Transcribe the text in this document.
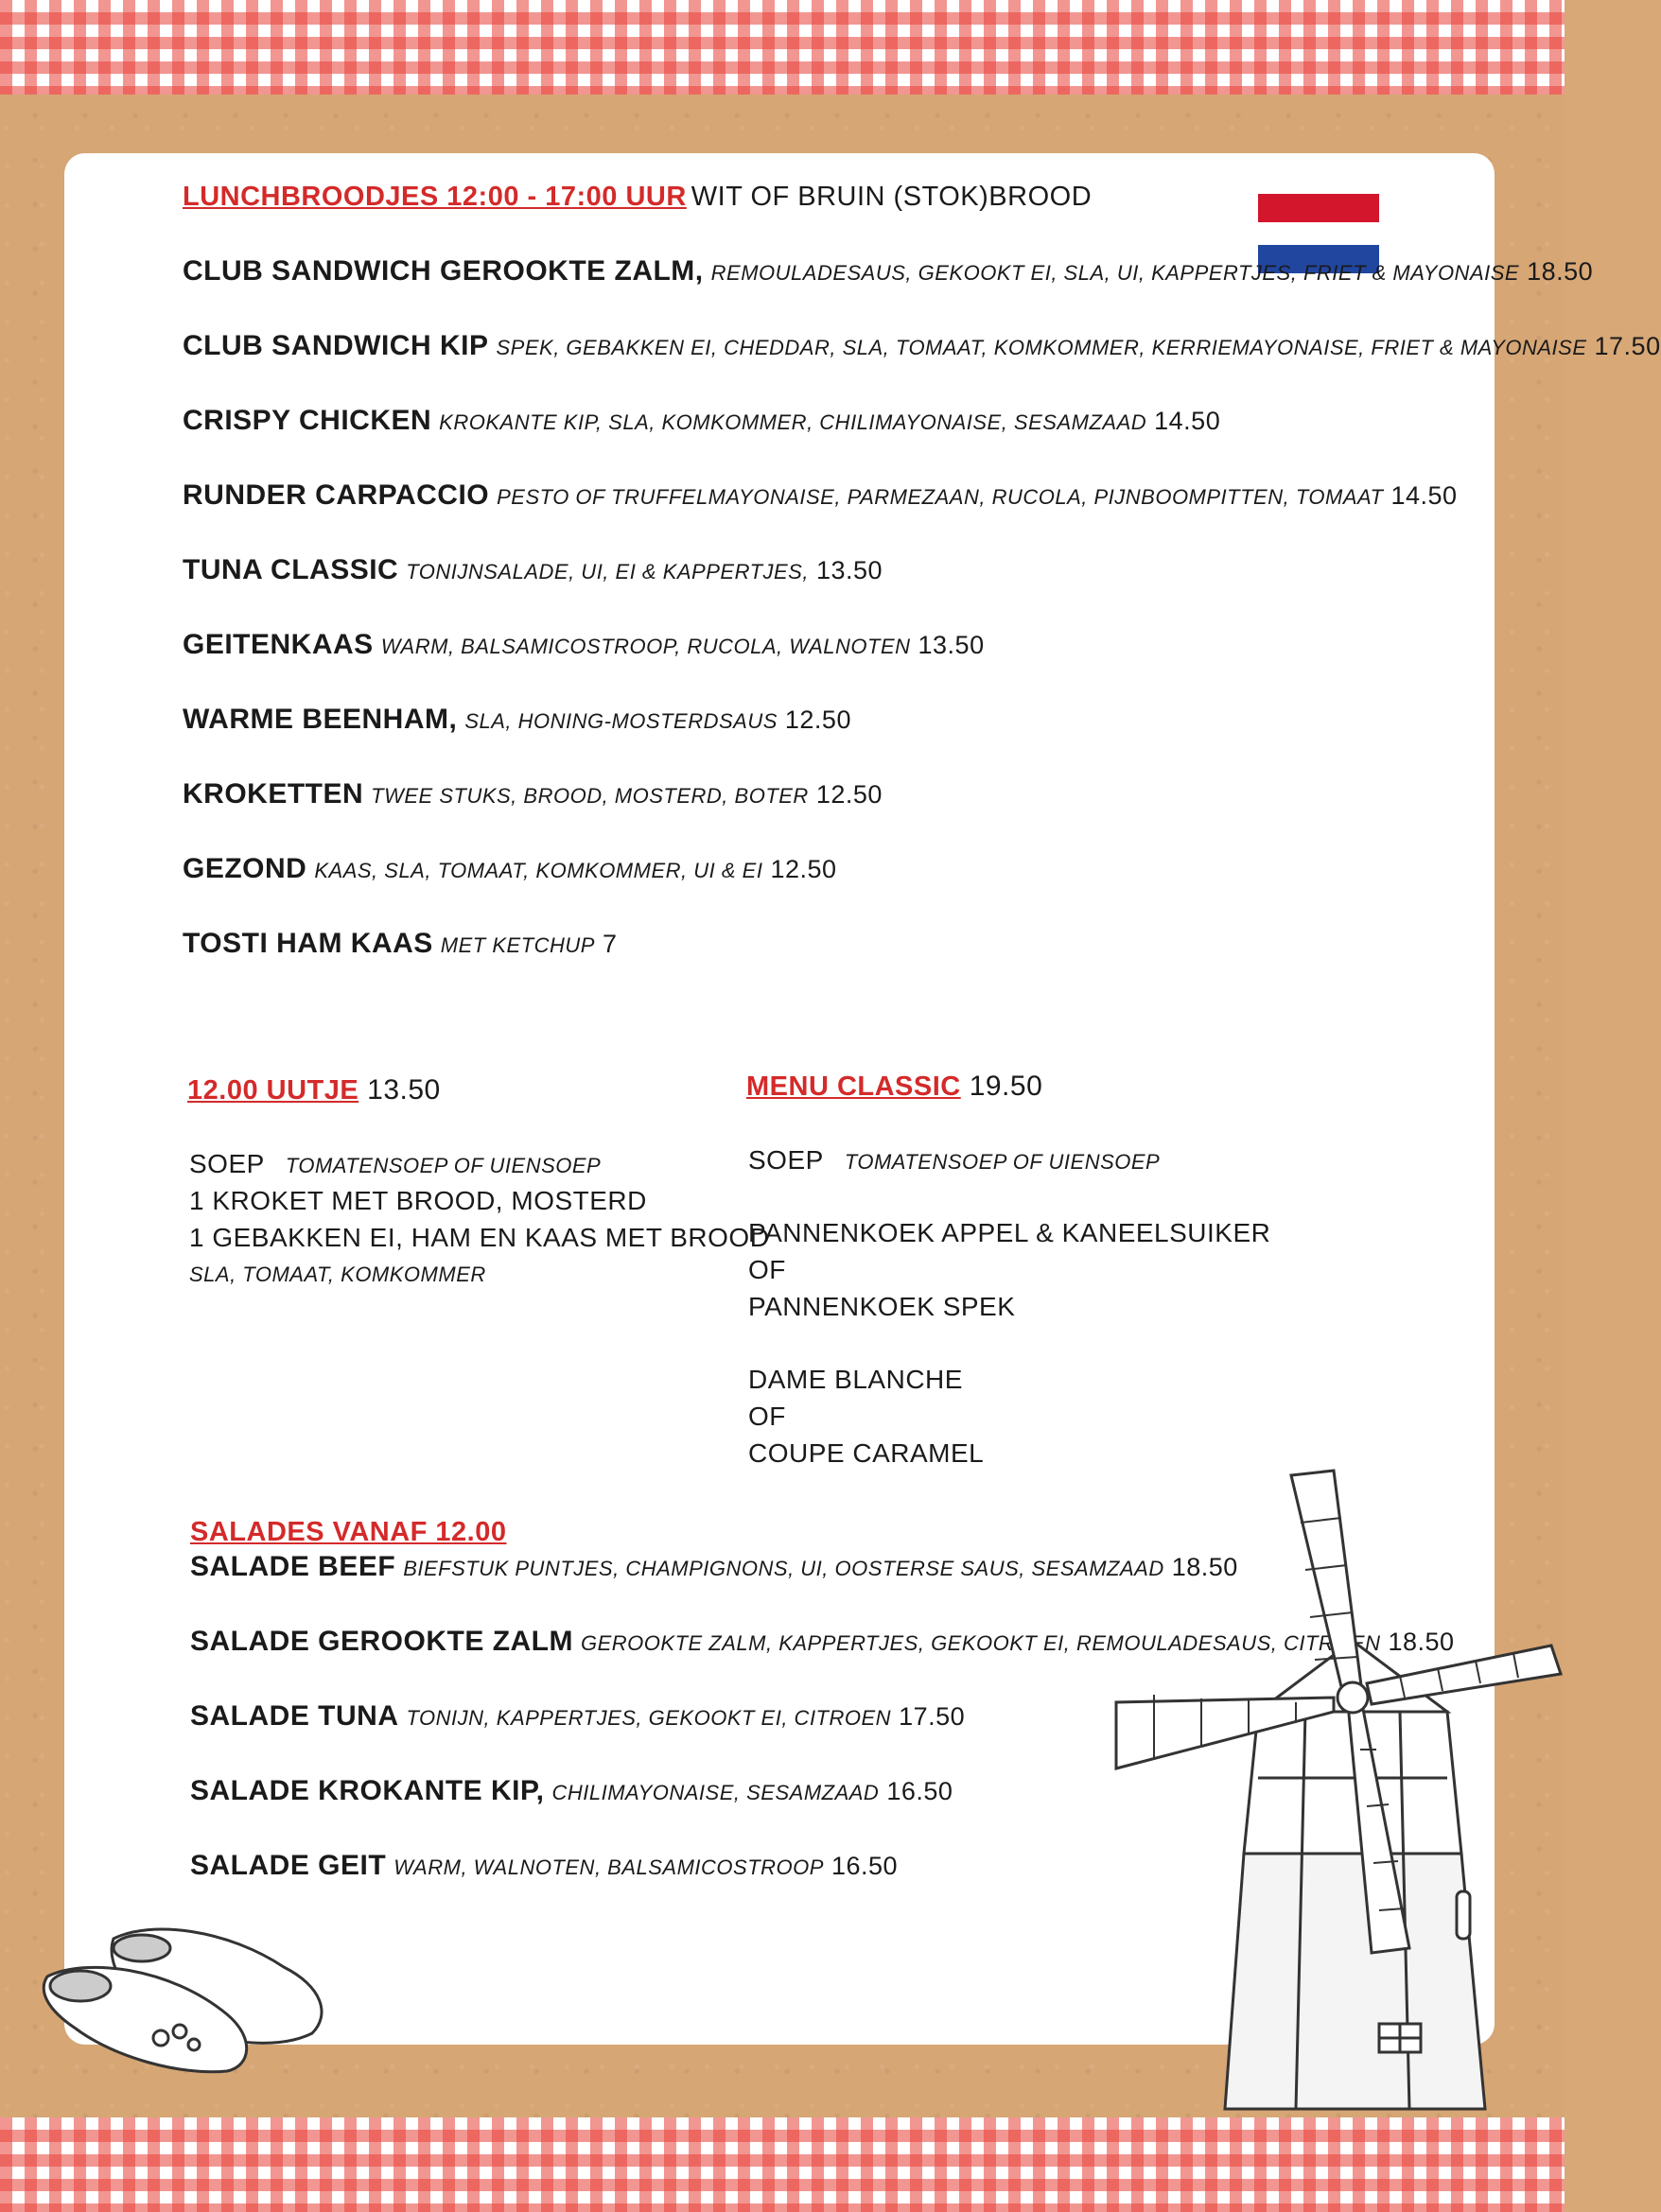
LUNCHBROODJES 12:00 - 17:00 UUR WIT OF BRUIN (STOK)BROOD
CLUB SANDWICH GEROOKTE ZALM, REMOULADESAUS, GEKOOKT EI, SLA, UI, KAPPERTJES, FRIET & MAYONAISE 18.50
CLUB SANDWICH KIP SPEK, GEBAKKEN EI, CHEDDAR, SLA, TOMAAT, KOMKOMMER, KERRIEMAYONAISE, FRIET & MAYONAISE 17.50
CRISPY CHICKEN KROKANTE KIP, SLA, KOMKOMMER, CHILIMAYONAISE, SESAMZAAD 14.50
RUNDER CARPACCIO PESTO OF TRUFFELMAYONAISE, PARMEZAAN, RUCOLA, PIJNBOOMPITTEN, TOMAAT 14.50
TUNA CLASSIC TONIJNSALADE, UI, EI & KAPPERTJES, 13.50
GEITENKAAS WARM, BALSAMICOSTROOP, RUCOLA, WALNOTEN 13.50
WARME BEENHAM, SLA, HONING-MOSTERDSAUS 12.50
KROKETTEN TWEE STUKS, BROOD, MOSTERD, BOTER 12.50
GEZOND KAAS, SLA, TOMAAT, KOMKOMMER, UI & EI 12.50
TOSTI HAM KAAS MET KETCHUP 7
12.00 UUTJE 13.50
SOEP TOMATENSOEP OF UIENSOEP
1 KROKET MET BROOD, MOSTERD
1 GEBAKKEN EI, HAM EN KAAS MET BROOD
SLA, TOMAAT, KOMKOMMER
MENU CLASSIC 19.50
SOEP TOMATENSOEP OF UIENSOEP
PANNENKOEK APPEL & KANEELSUIKER
OF
PANNENKOEK SPEK
DAME BLANCHE
OF
COUPE CARAMEL
SALADES VANAF 12.00
SALADE BEEF BIEFSTUK PUNTJES, CHAMPIGNONS, UI, OOSTERSE SAUS, SESAMZAAD 18.50
SALADE GEROOKTE ZALM GEROOKTE ZALM, KAPPERTJES, GEKOOKT EI, REMOULADESAUS, CITROEN 18.50
SALADE TUNA TONIJN, KAPPERTJES, GEKOOKT EI, CITROEN 17.50
SALADE KROKANTE KIP, CHILIMAYONAISE, SESAMZAAD 16.50
SALADE GEIT WARM, WALNOTEN, BALSAMICOSTROOP 16.50
